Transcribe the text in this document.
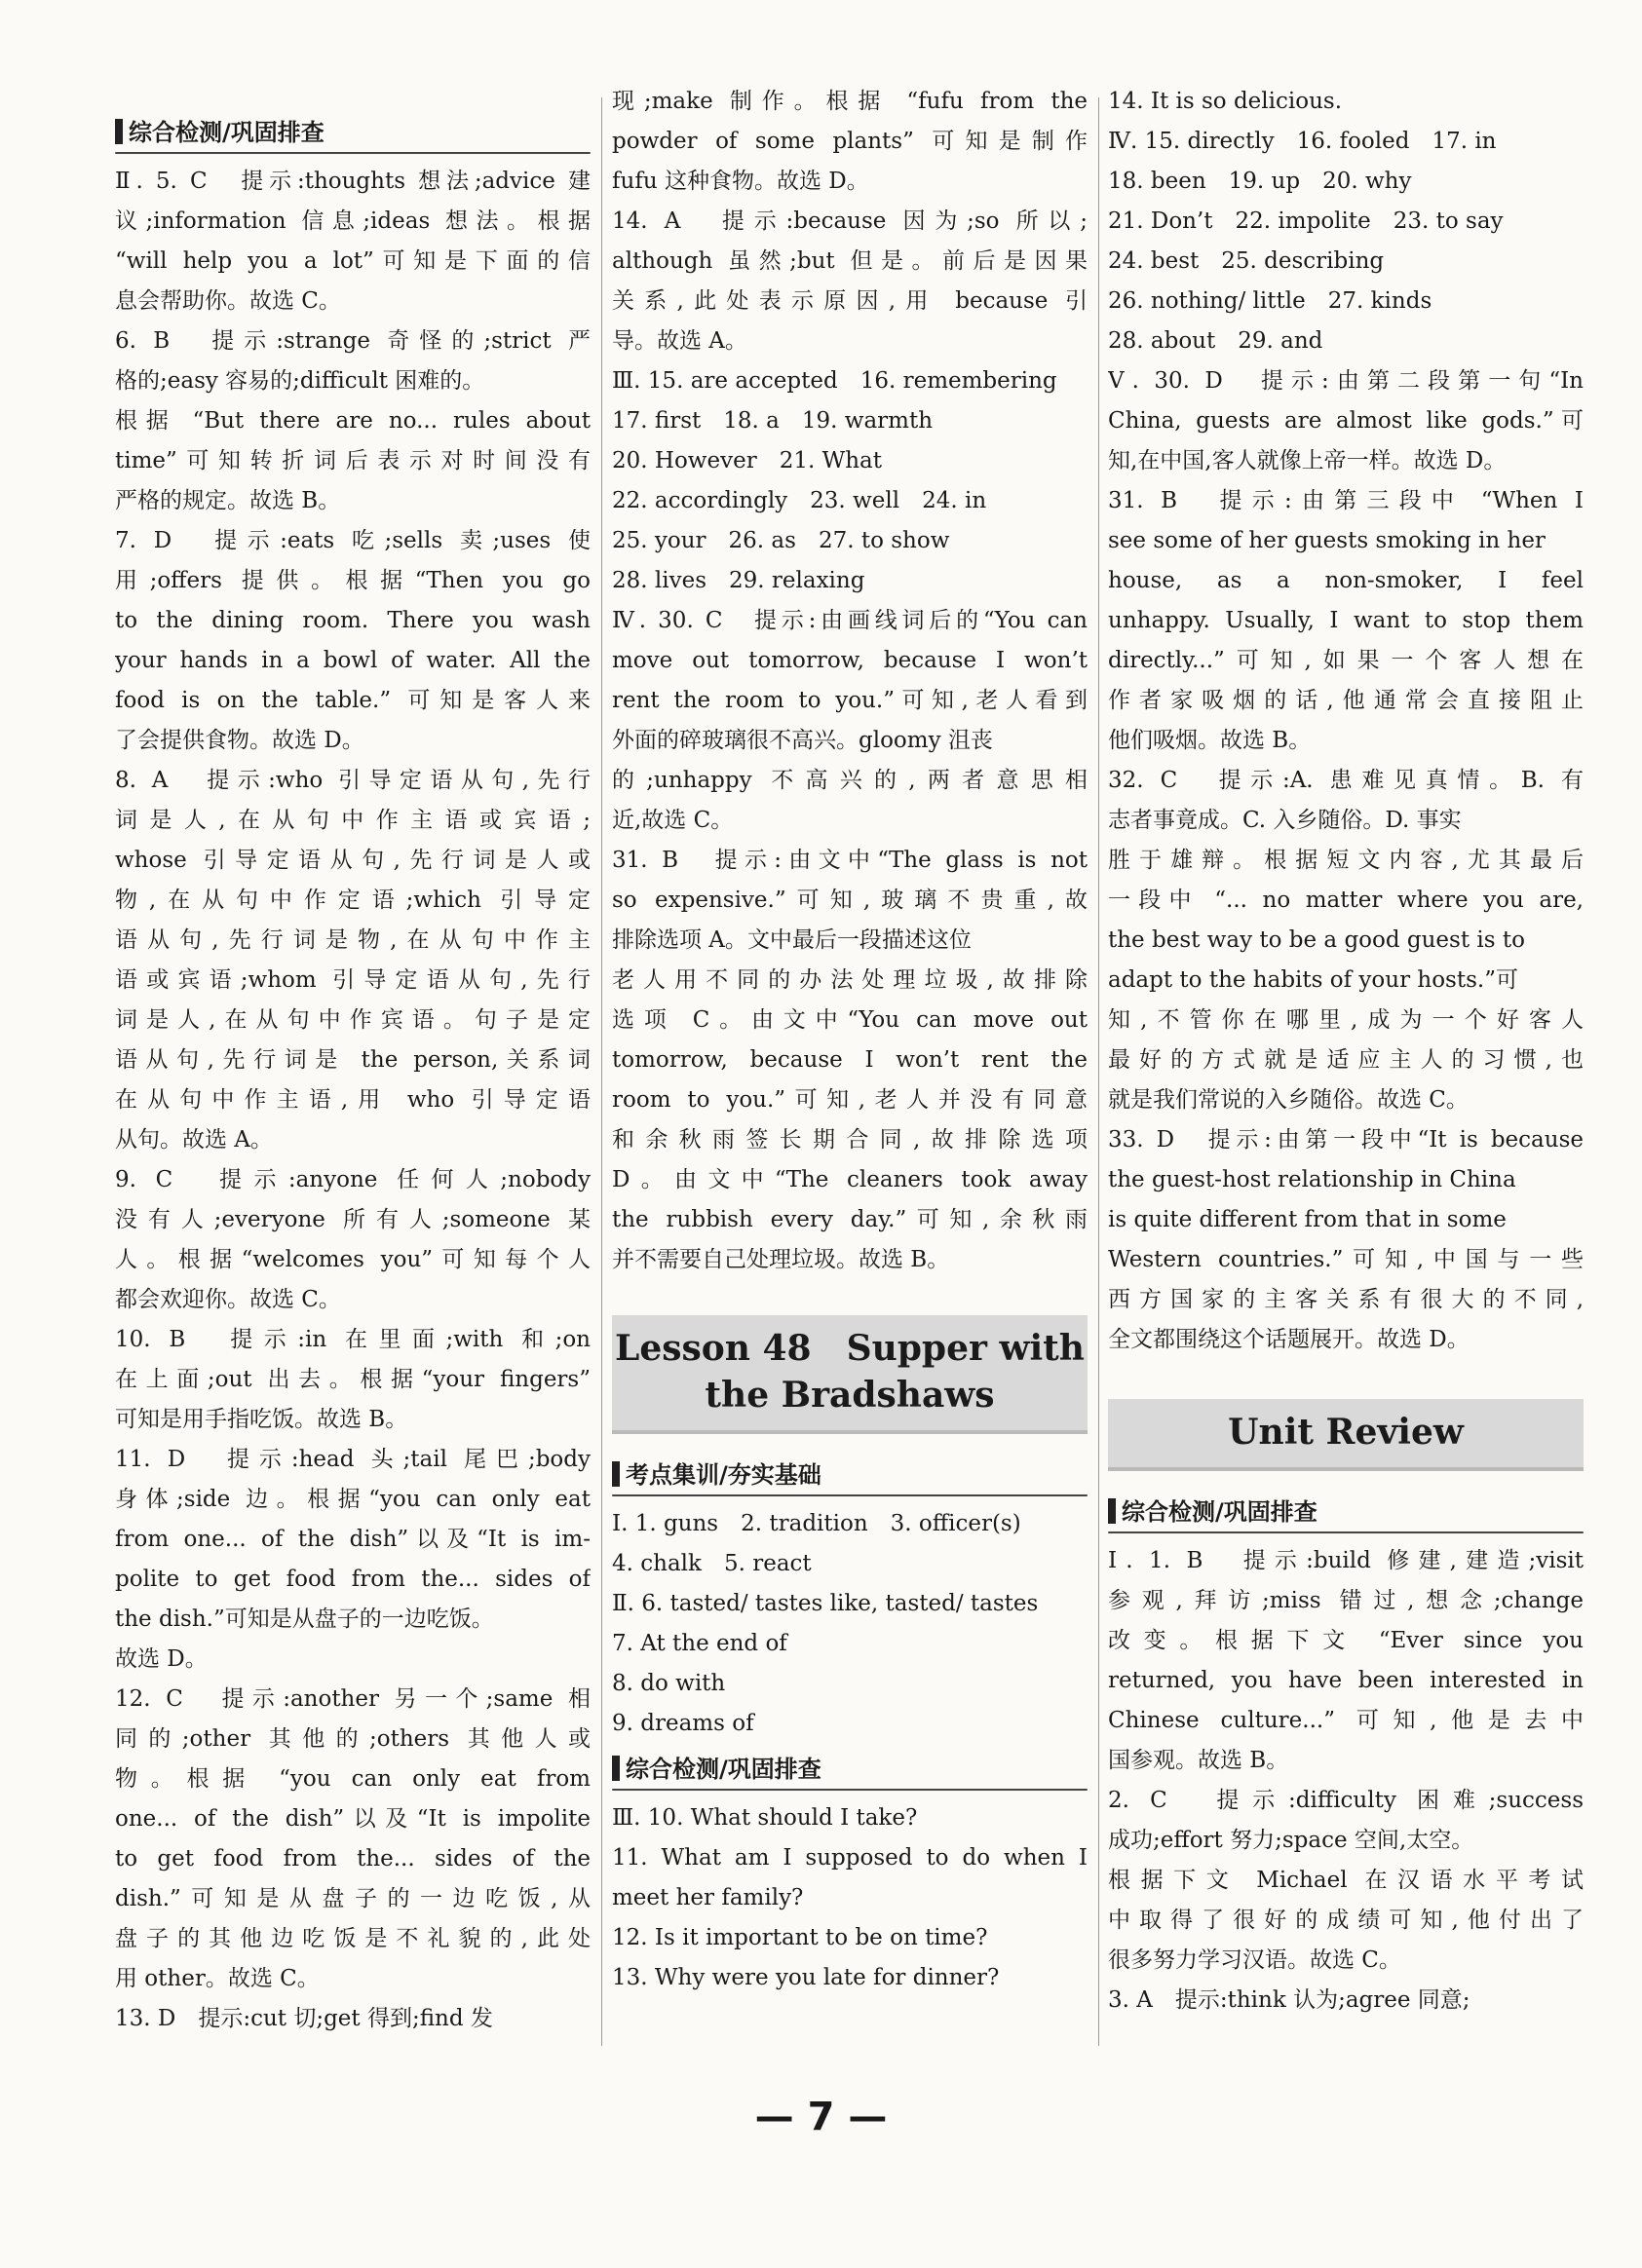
综合检测/巩固排查
Ⅱ. 5. C　提示:thoughts 想法;advice 建
议;information 信息;ideas 想法。根据
“will help you a lot”可知是下面的信
息会帮助你。故选 C。
6. B　提示:strange 奇怪的;strict 严
格的;easy 容易的;difficult 困难的。
根据 “But there are no... rules about
time”可知转折词后表示对时间没有
严格的规定。故选 B。
7. D　提示:eats 吃;sells 卖;uses 使
用;offers 提供。根据“Then you go
to the dining room. There you wash
your hands in a bowl of water. All the
food is on the table.” 可知是客人来
了会提供食物。故选 D。
8. A　提示:who 引导定语从句,先行
词是人,在从句中作主语或宾语;
whose 引导定语从句,先行词是人或
物,在从句中作定语;which 引导定
语从句,先行词是物,在从句中作主
语或宾语;whom 引导定语从句,先行
词是人,在从句中作宾语。句子是定
语从句,先行词是 the person,关系词
在从句中作主语,用 who 引导定语
从句。故选 A。
9. C　提示:anyone 任何人;nobody
没有人;everyone 所有人;someone 某
人。根据“welcomes you”可知每个人
都会欢迎你。故选 C。
10. B　提示:in 在里面;with 和;on
在上面;out 出去。根据“your fingers”
可知是用手指吃饭。故选 B。
11. D　提示:head 头;tail 尾巴;body
身体;side 边。根据“you can only eat
from one... of the dish”以及“It is im-
polite to get food from the... sides of
the dish.”可知是从盘子的一边吃饭。
故选 D。
12. C　提示:another 另一个;same 相
同的;other 其他的;others 其他人或
物。根据 “you can only eat from
one... of the dish”以及“It is impolite
to get food from the... sides of the
dish.”可知是从盘子的一边吃饭,从
盘子的其他边吃饭是不礼貌的,此处
用 other。故选 C。
13. D　提示:cut 切;get 得到;find 发
现;make 制作。根据 “fufu from the
powder of some plants” 可知是制作
fufu 这种食物。故选 D。
14. A　提示:because 因为;so 所以;
although 虽然;but 但是。前后是因果
关系,此处表示原因,用 because 引
导。故选 A。
Ⅲ. 15. are accepted　16. remembering
17. first　18. a　19. warmth
20. However　21. What
22. accordingly　23. well　24. in
25. your　26. as　27. to show
28. lives　29. relaxing
Ⅳ. 30. C　提示:由画线词后的“You can
move out tomorrow, because I won’t
rent the room to you.”可知,老人看到
外面的碎玻璃很不高兴。gloomy 沮丧
的;unhappy 不高兴的,两者意思相
近,故选 C。
31. B　提示:由文中“The glass is not
so expensive.”可知,玻璃不贵重,故
排除选项 A。文中最后一段描述这位
老人用不同的办法处理垃圾,故排除
选项 C。由文中“You can move out
tomorrow, because I won’t rent the
room to you.”可知,老人并没有同意
和余秋雨签长期合同,故排除选项
D。由文中“The cleaners took away
the rubbish every day.”可知,余秋雨
并不需要自己处理垃圾。故选 B。
Lesson 48　Supper with
the Bradshaws
考点集训/夯实基础
Ⅰ. 1. guns　2. tradition　3. officer(s)
4. chalk　5. react
Ⅱ. 6. tasted/ tastes like, tasted/ tastes
7. At the end of
8. do with
9. dreams of
综合检测/巩固排查
Ⅲ. 10. What should I take?
11. What am I supposed to do when I
meet her family?
12. Is it important to be on time?
13. Why were you late for dinner?
14. It is so delicious.
Ⅳ. 15. directly　16. fooled　17. in
18. been　19. up　20. why
21. Don’t　22. impolite　23. to say
24. best　25. describing
26. nothing/ little　27. kinds
28. about　29. and
Ⅴ. 30. D　提示:由第二段第一句“In
China, guests are almost like gods.”可
知,在中国,客人就像上帝一样。故选 D。
31. B　提示:由第三段中 “When I
see some of her guests smoking in her
house, as a non-smoker, I feel
unhappy. Usually, I want to stop them
directly...”可知,如果一个客人想在
作者家吸烟的话,他通常会直接阻止
他们吸烟。故选 B。
32. C　提示:A. 患难见真情。B. 有
志者事竟成。C. 入乡随俗。D. 事实
胜于雄辩。根据短文内容,尤其最后
一段中 “... no matter where you are,
the best way to be a good guest is to
adapt to the habits of your hosts.”可
知,不管你在哪里,成为一个好客人
最好的方式就是适应主人的习惯,也
就是我们常说的入乡随俗。故选 C。
33. D　提示:由第一段中“It is because
the guest-host relationship in China
is quite different from that in some
Western countries.”可知,中国与一些
西方国家的主客关系有很大的不同,
全文都围绕这个话题展开。故选 D。
Unit Review
综合检测/巩固排查
Ⅰ. 1. B　提示:build 修建,建造;visit
参观,拜访;miss 错过,想念;change
改变。根据下文 “Ever since you
returned, you have been interested in
Chinese culture...” 可知,他是去中
国参观。故选 B。
2. C　提示:difficulty 困难;success
成功;effort 努力;space 空间,太空。
根据下文 Michael 在汉语水平考试
中取得了很好的成绩可知,他付出了
很多努力学习汉语。故选 C。
3. A　提示:think 认为;agree 同意;
— 7 —
